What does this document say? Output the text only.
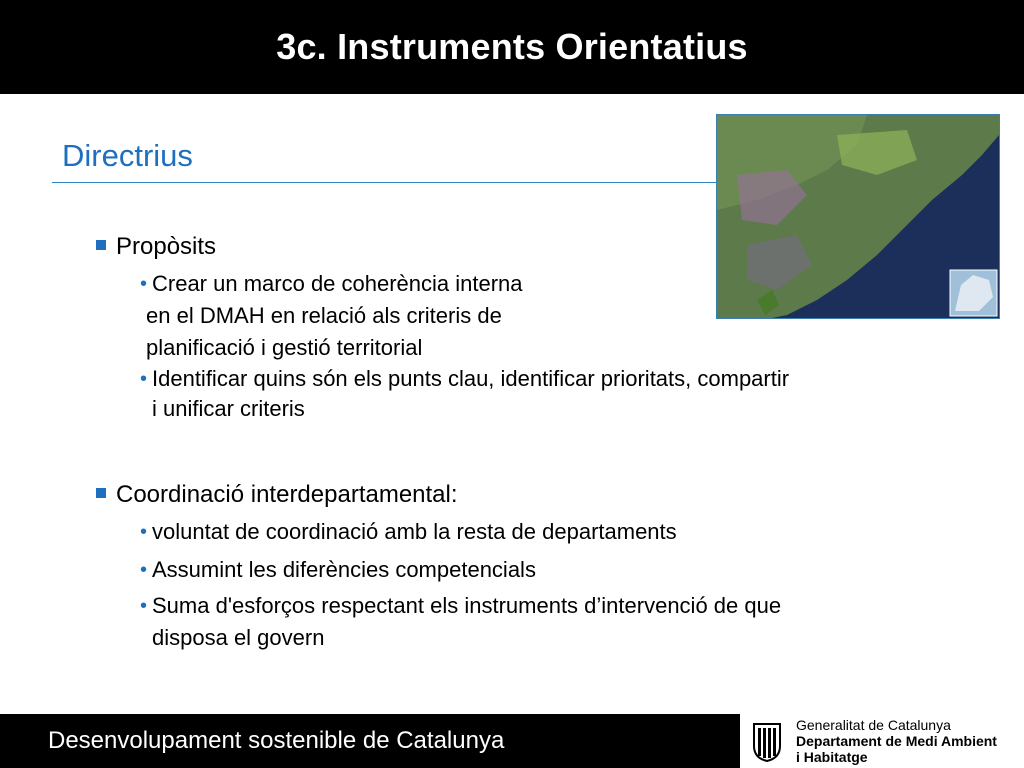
3c. Instruments Orientatius
Directrius
Propòsits
• Crear un marco de coherència interna
en el DMAH en relació als criteris de
planificació i gestió territorial
• Identificar quins són els punts clau, identificar prioritats, compartir
i unificar criteris
Coordinació interdepartamental:
• voluntat de coordinació amb la resta de departaments
• Assumint les diferències competencials
• Suma d'esforços respectant els instruments d’intervenció de que
disposa el govern
Desenvolupament sostenible de Catalunya
Generalitat de Catalunya
Departament de Medi Ambient
i Habitatge
